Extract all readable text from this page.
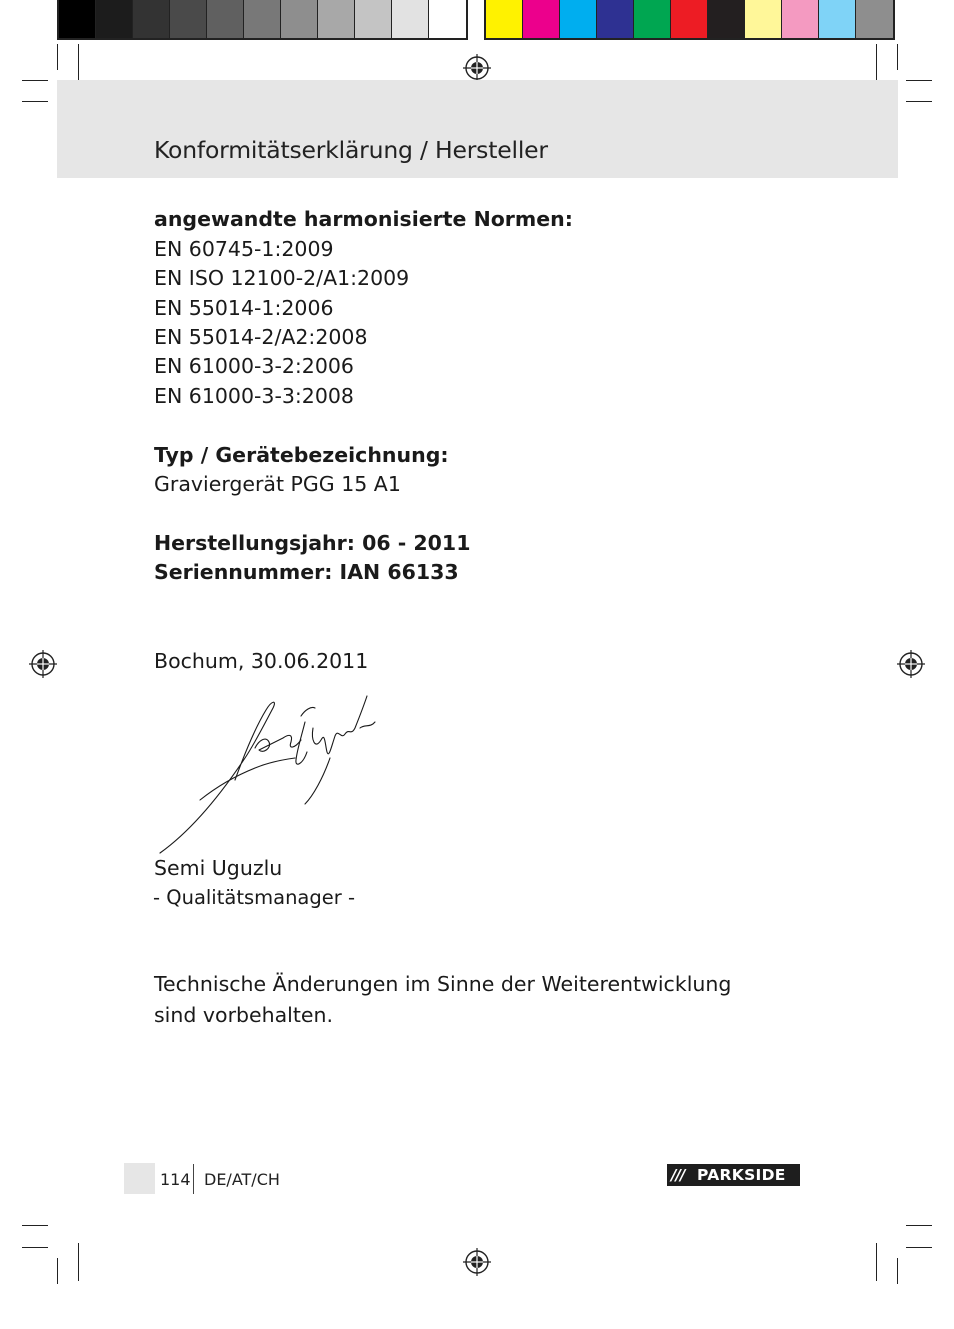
Konformitätserklärung / Hersteller
angewandte harmonisierte Normen:
EN 60745-1:2009
EN ISO 12100-2/A1:2009
EN 55014-1:2006
EN 55014-2/A2:2008
EN 61000-3-2:2006
EN 61000-3-3:2008
Typ / Gerätebezeichnung:
Graviergerät PGG 15 A1
Herstellungsjahr: 06 - 2011
Seriennummer: IAN 66133
Bochum, 30.06.2011
Semi Uguzlu
- Qualitätsmanager -
Technische Änderungen im Sinne der Weiterentwicklung
sind vorbehalten.
114 DE/AT/CH	/// PARKSIDE
